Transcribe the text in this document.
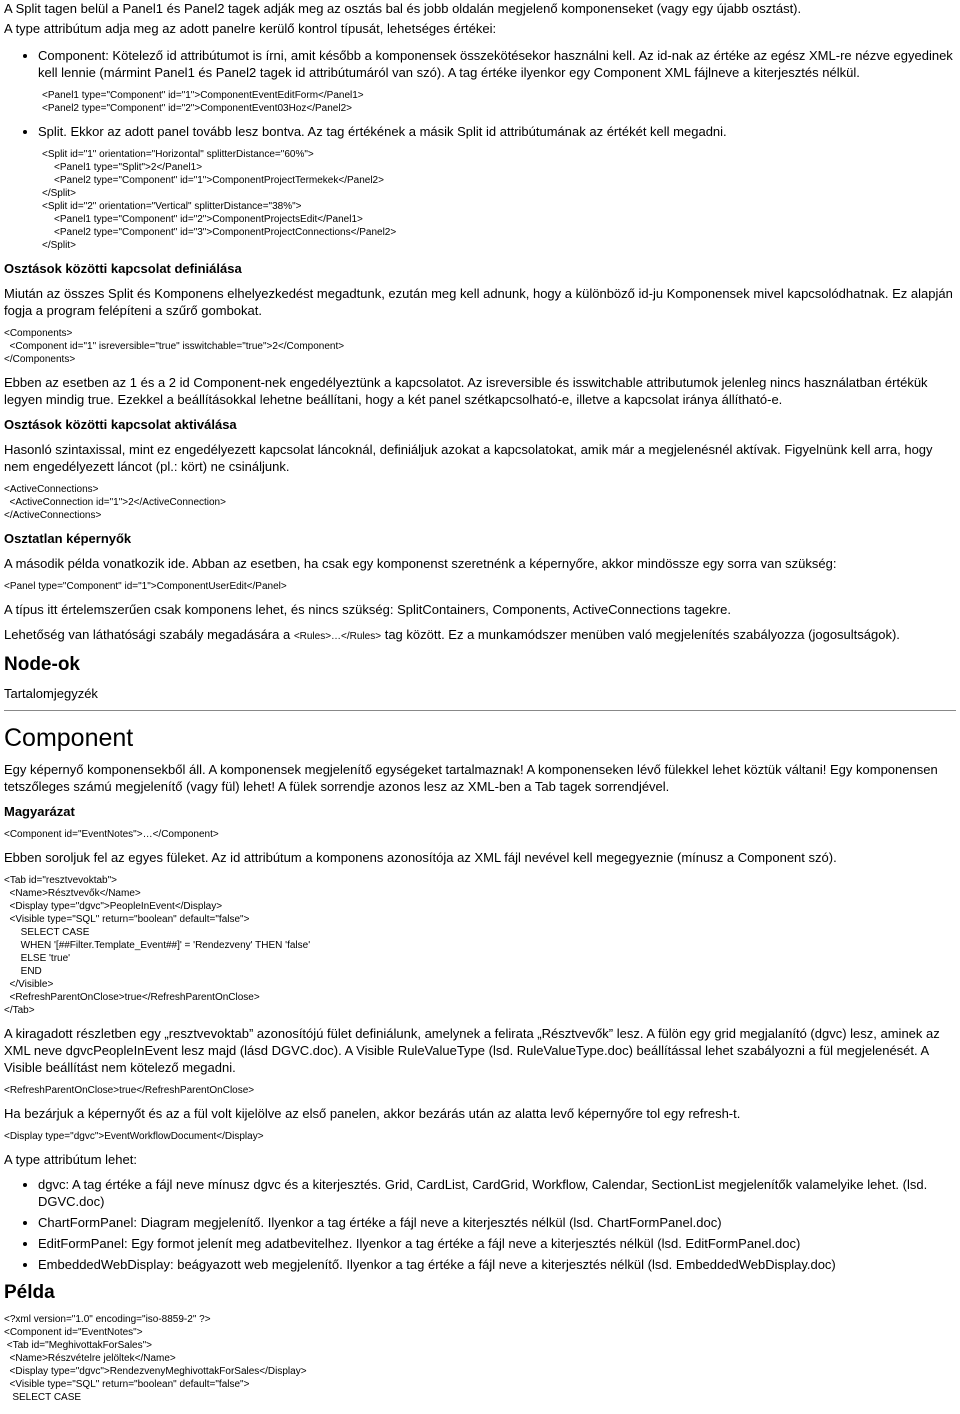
A Split tagen belül a Panel1 és Panel2 tagek adják meg az osztás bal és jobb oldalán megjelenő komponenseket (vagy egy újabb osztást).
A type attribútum adja meg az adott panelre kerülő kontrol típusát, lehetséges értékei:
• Component: Kötelező id attribútumot is írni, amit később a komponensek összekötésekor használni kell. Az id-nak az értéke az egész XML-re nézve egyedinek kell lennie (mármint Panel1 és Panel2 tagek id attribútumáról van szó). A tag értéke ilyenkor egy Component XML fájlneve a kiterjesztés nélkül.
<Panel1 type="Component" id="1">ComponentEventEditForm</Panel1>
<Panel2 type="Component" id="2">ComponentEvent03Hoz</Panel2>
• Split. Ekkor az adott panel tovább lesz bontva. Az tag értékének a másik Split id attribútumának az értékét kell megadni.
<Split id="1" orientation="Horizontal" splitterDistance="60%">
<Panel1 type="Split">2</Panel1>
<Panel2 type="Component" id="1">ComponentProjectTermekek</Panel2>
</Split>
<Split id="2" orientation="Vertical" splitterDistance="38%">
<Panel1 type="Component" id="2">ComponentProjectsEdit</Panel1>
<Panel2 type="Component" id="3">ComponentProjectConnections</Panel2>
</Split>
Osztások közötti kapcsolat definiálása
Miután az összes Split és Komponens elhelyezkedést megadtunk, ezután meg kell adnunk, hogy a különböző id-ju Komponensek mivel kapcsolódhatnak. Ez alapján fogja a program felépíteni a szűrő gombokat.
<Components>
<Component id="1" isreversible="true" isswitchable="true">2</Component>
</Components>
Ebben az esetben az 1 és a 2 id Component-nek engedélyeztünk a kapcsolatot. Az isreversible és isswitchable attributumok jelenleg nincs használatban értékük legyen mindig true. Ezekkel a beállításokkal lehetne beállítani, hogy a két panel szétkapcsolható-e, illetve a kapcsolat iránya állítható-e.
Osztások közötti kapcsolat aktiválása
Hasonló szintaxissal, mint ez engedélyezett kapcsolat láncoknál, definiáljuk azokat a kapcsolatokat, amik már a megjelenésnél aktívak. Figyelnünk kell arra, hogy nem engedélyezett láncot (pl.: kört) ne csináljunk.
<ActiveConnections>
<ActiveConnection id="1">2</ActiveConnection>
</ActiveConnections>
Osztatlan képernyők
A második példa vonatkozik ide. Abban az esetben, ha csak egy komponenst szeretnénk a képernyőre, akkor mindössze egy sorra van szükség:
<Panel type="Component" id="1">ComponentUserEdit</Panel>
A típus itt értelemszerűen csak komponens lehet, és nincs szükség: SplitContainers, Components, ActiveConnections tagekre.
Lehetőség van láthatósági szabály megadására a <Rules>…</Rules> tag között. Ez a munkamódszer menüben való megjelenítés szabályozza (jogosultságok).
Node-ok
Tartalomjegyzék
Component
Egy képernyő komponensekből áll. A komponensek megjelenítő egységeket tartalmaznak! A komponenseken lévő fülekkel lehet köztük váltani! Egy komponensen tetszőleges számú megjelenítő (vagy fül) lehet! A fülek sorrendje azonos lesz az XML-ben a Tab tagek sorrendjével.
Magyarázat
<Component id="EventNotes">…</Component>
Ebben soroljuk fel az egyes füleket. Az id attribútum a komponens azonosítója az XML fájl nevével kell megegyeznie (mínusz a Component szó).
<Tab id="resztvevoktab">
<Name>Résztvevők</Name>
<Display type="dgvc">PeopleInEvent</Display>
<Visible type="SQL" return="boolean" default="false">
SELECT CASE
WHEN '[##Filter.Template_Event##]' = 'Rendezveny' THEN 'false'
ELSE 'true'
END
</Visible>
<RefreshParentOnClose>true</RefreshParentOnClose>
</Tab>
A kiragadott részletben egy „resztvevoktab” azonosítójú fület definiálunk, amelynek a felirata „Résztvevők” lesz. A fülön egy grid megjalanító (dgvc) lesz, aminek az XML neve dgvcPeopleInEvent lesz majd (lásd DGVC.doc). A Visible RuleValueType (lsd. RuleValueType.doc) beállítással lehet szabályozni a fül megjelenését. A Visible beállítást nem kötelező megadni.
<RefreshParentOnClose>true</RefreshParentOnClose>
Ha bezárjuk a képernyőt és az a fül volt kijelölve az első panelen, akkor bezárás után az alatta levő képernyőre tol egy refresh-t.
<Display type="dgvc">EventWorkflowDocument</Display>
A type attribútum lehet:
• dgvc: A tag értéke a fájl neve mínusz dgvc és a kiterjesztés. Grid, CardList, CardGrid, Workflow, Calendar, SectionList megjelenítők valamelyike lehet. (lsd. DGVC.doc)
• ChartFormPanel: Diagram megjelenítő. Ilyenkor a tag értéke a fájl neve a kiterjesztés nélkül (lsd. ChartFormPanel.doc)
• EditFormPanel: Egy formot jelenít meg adatbevitelhez. Ilyenkor a tag értéke a fájl neve a kiterjesztés nélkül (lsd. EditFormPanel.doc)
• EmbeddedWebDisplay: beágyazott web megjelenítő. Ilyenkor a tag értéke a fájl neve a kiterjesztés nélkül (lsd. EmbeddedWebDisplay.doc)
Példa
<?xml version="1.0" encoding="iso-8859-2" ?>
<Component id="EventNotes">
<Tab id="MeghivottakForSales">
<Name>Részvételre jelöltek</Name>
<Display type="dgvc">RendezvenyMeghivottakForSales</Display>
<Visible type="SQL" return="boolean" default="false">
SELECT CASE
